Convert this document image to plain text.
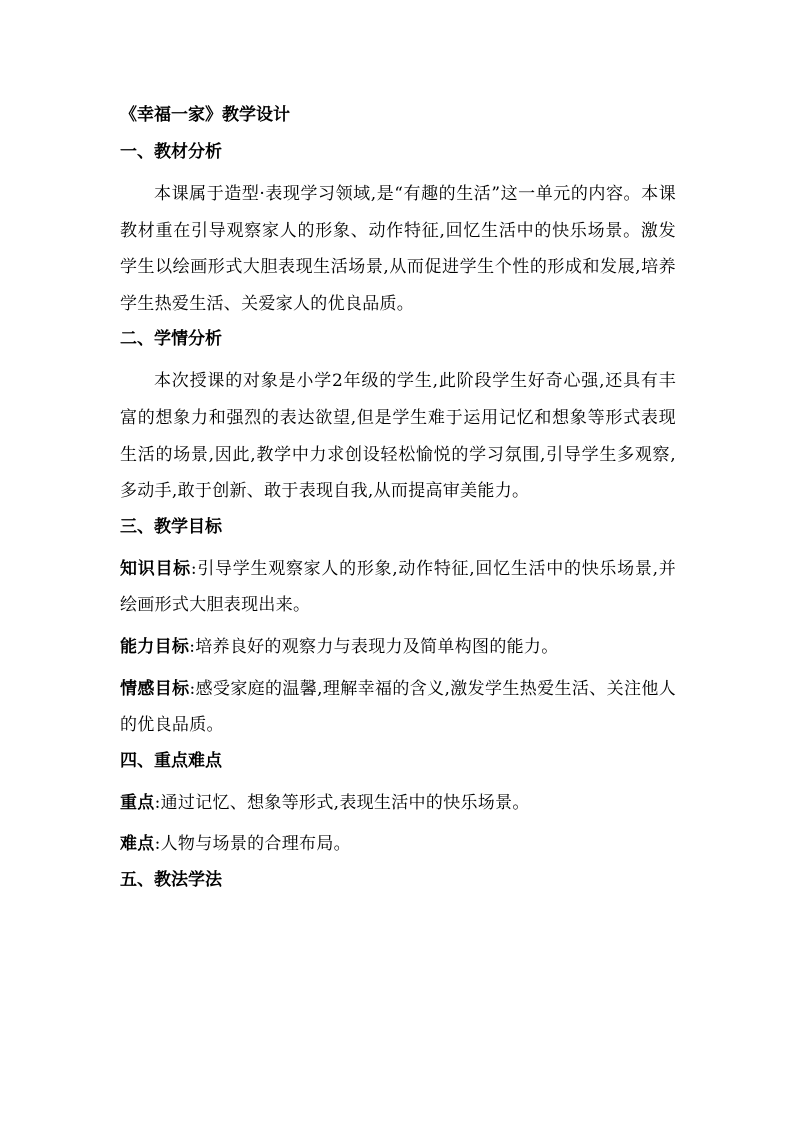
《幸福一家》教学设计
一、教材分析

本课属于造型·表现学习领域,是“有趣的生活”这一单元的内容。本课教材重在引导观察家人的形象、动作特征,回忆生活中的快乐场景。激发学生以绘画形式大胆表现生活场景,从而促进学生个性的形成和发展,培养学生热爱生活、关爱家人的优良品质。

二、学情分析

本次授课的对象是小学2年级的学生,此阶段学生好奇心强,还具有丰富的想象力和强烈的表达欲望,但是学生难于运用记忆和想象等形式表现生活的场景,因此,教学中力求创设轻松愉悦的学习氛围,引导学生多观察,多动手,敢于创新、敢于表现自我,从而提高审美能力。

三、教学目标

知识目标:引导学生观察家人的形象,动作特征,回忆生活中的快乐场景,并绘画形式大胆表现出来。

能力目标:培养良好的观察力与表现力及简单构图的能力。

情感目标:感受家庭的温馨,理解幸福的含义,激发学生热爱生活、关注他人的优良品质。

四、重点难点

重点:通过记忆、想象等形式,表现生活中的快乐场景。

难点:人物与场景的合理布局。

五、教法学法
